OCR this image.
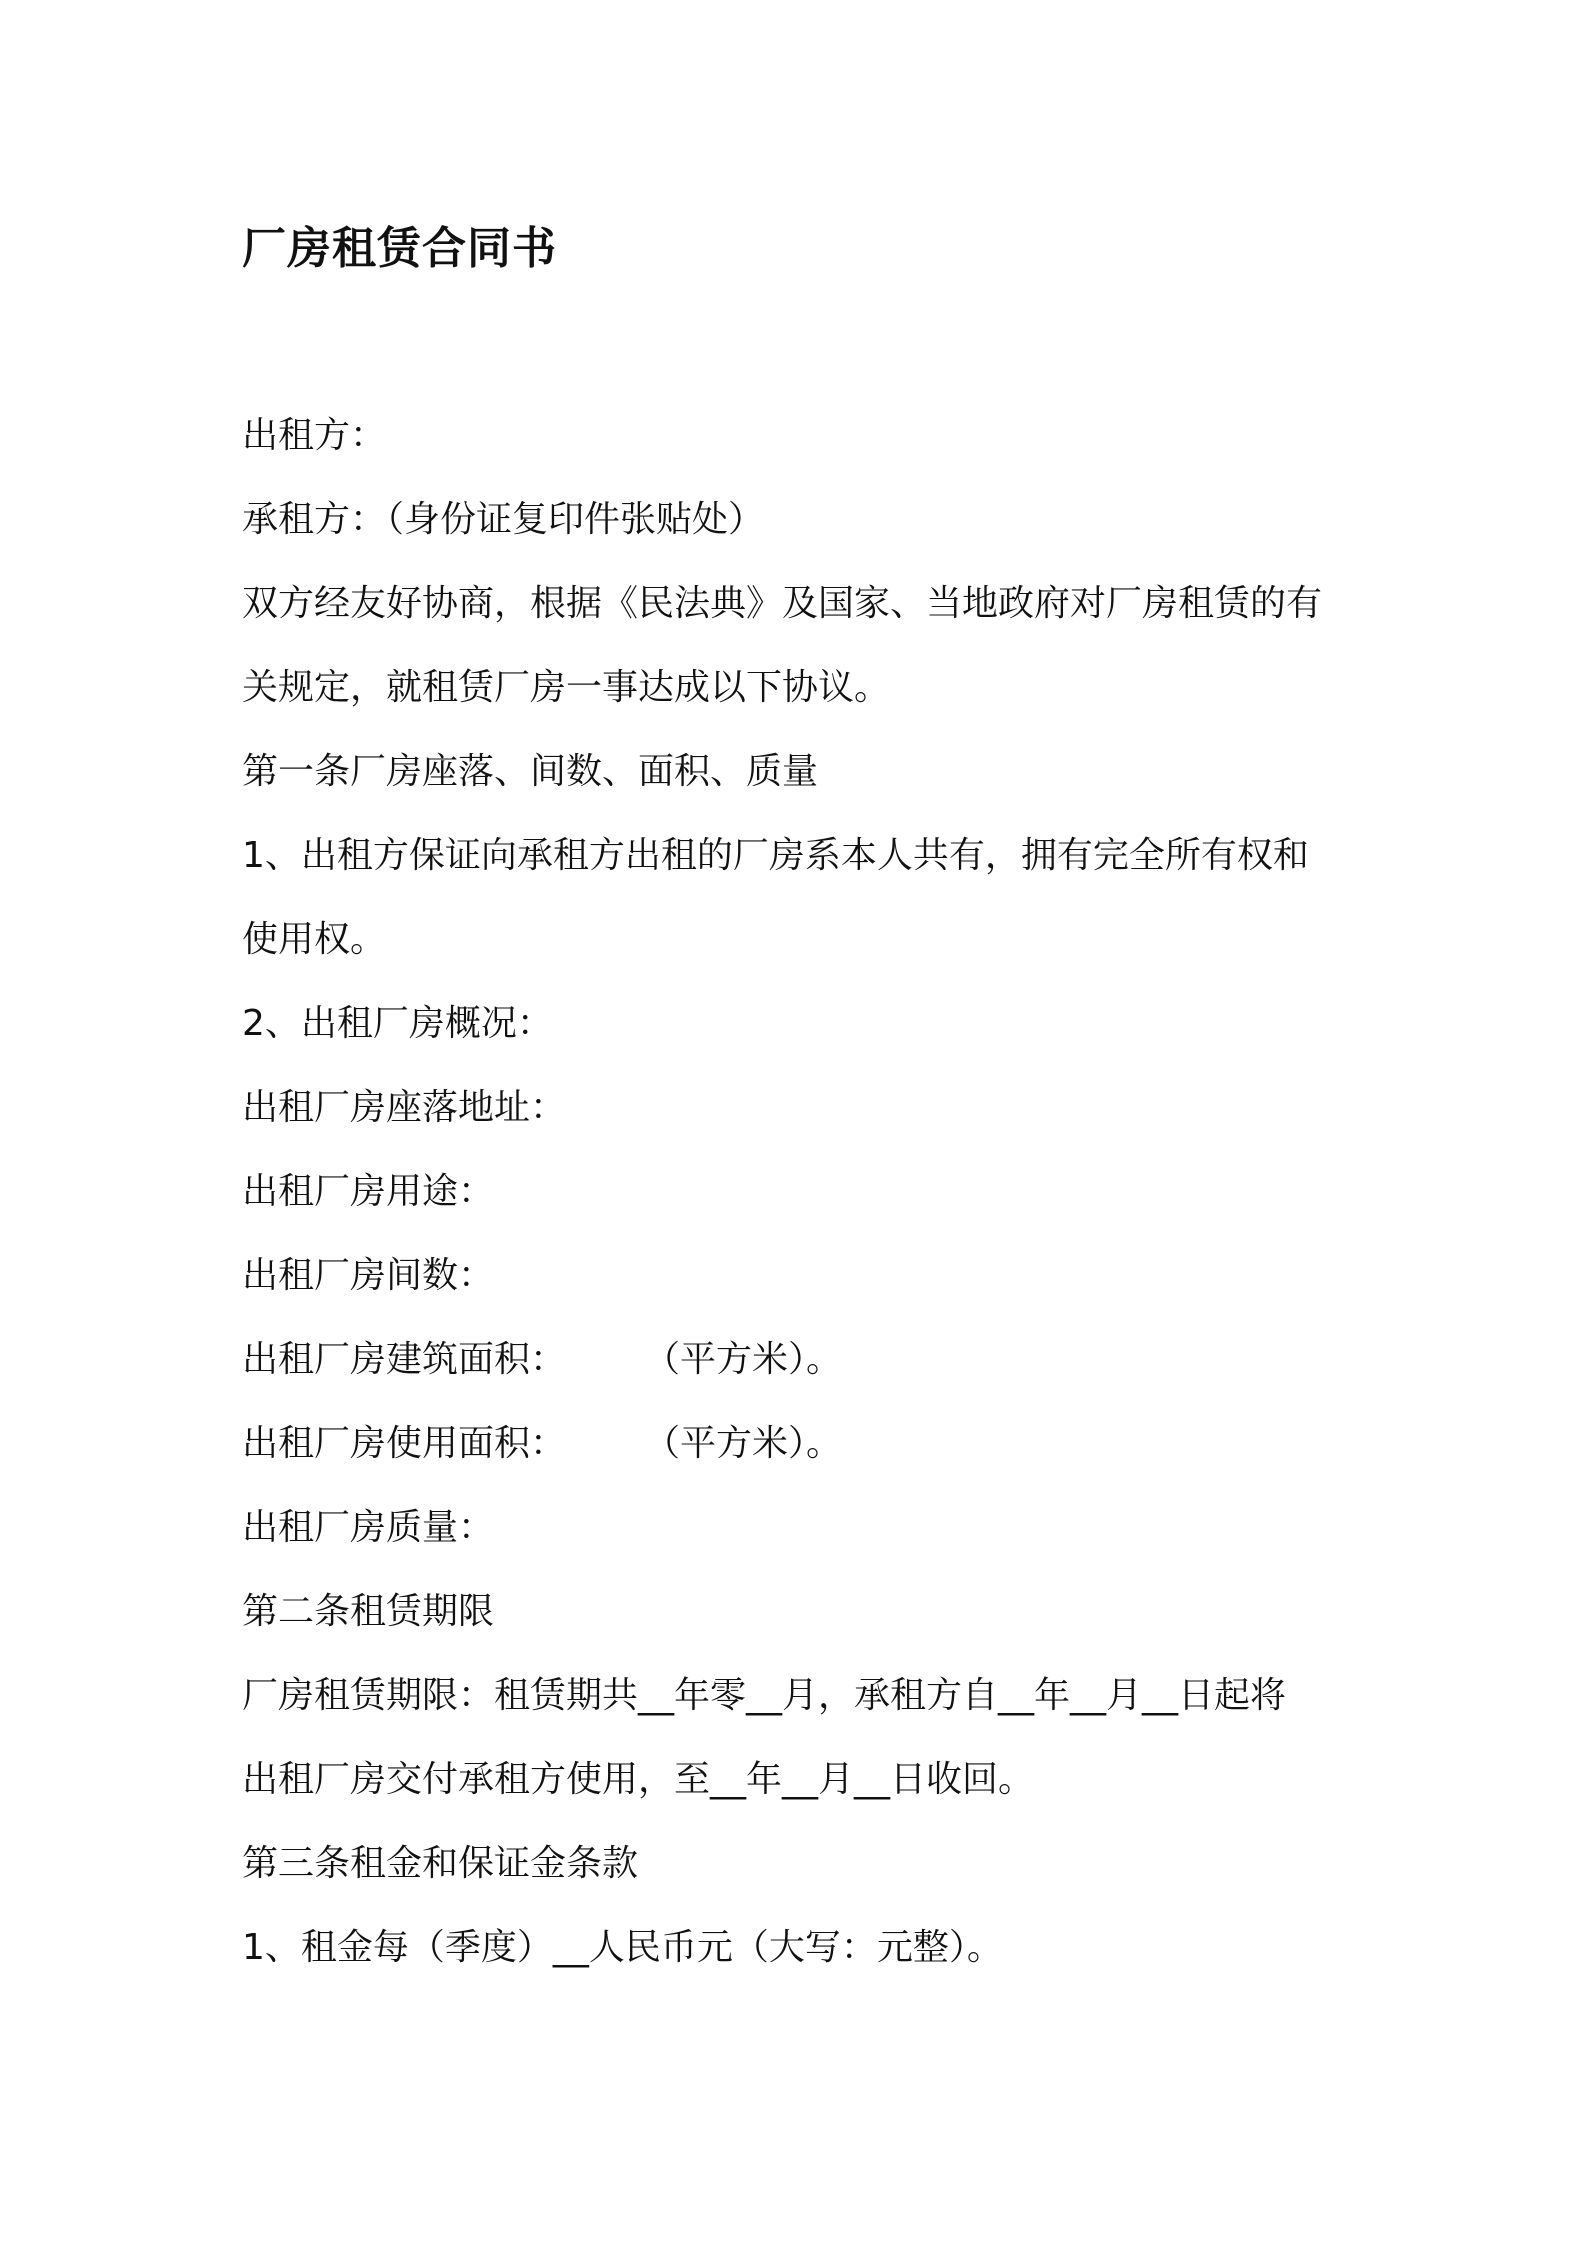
厂房租赁合同书
出租方：
承租方：（身份证复印件张贴处）
双方经友好协商，根据《民法典》及国家、当地政府对厂房租赁的有
关规定，就租赁厂房一事达成以下协议。
第一条厂房座落、间数、面积、质量
1、出租方保证向承租方出租的厂房系本人共有，拥有完全所有权和
使用权。
2、出租厂房概况：
出租厂房座落地址：
出租厂房用途：
出租厂房间数：
出租厂房建筑面积： （平方米）。
出租厂房使用面积： （平方米）。
出租厂房质量：
第二条租赁期限
厂房租赁期限：租赁期共__年零__月，承租方自__年__月__日起将
出租厂房交付承租方使用，至__年__月__日收回。
第三条租金和保证金条款
1、租金每（季度）__人民币元（大写：元整）。
